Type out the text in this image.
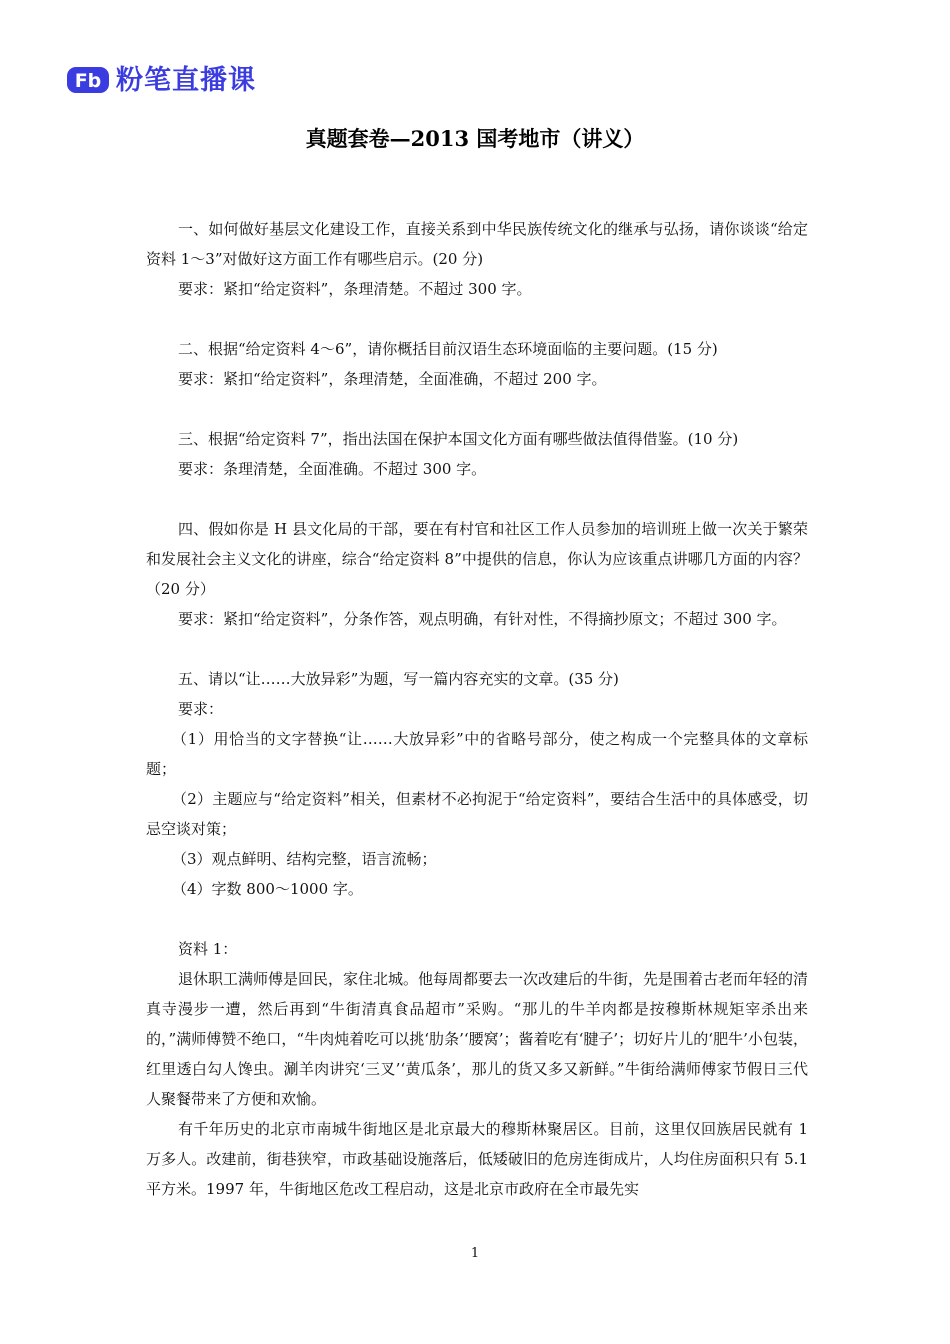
Fb 粉笔直播课
真题套卷—2013 国考地市（讲义）

一、如何做好基层文化建设工作，直接关系到中华民族传统文化的继承与弘扬，请你谈谈“给定资料 1～3”对做好这方面工作有哪些启示。(20 分)

要求：紧扣“给定资料”，条理清楚。不超过 300 字。

二、根据“给定资料 4～6”，请你概括目前汉语生态环境面临的主要问题。(15 分)

要求：紧扣“给定资料”，条理清楚，全面准确，不超过 200 字。

三、根据“给定资料 7”，指出法国在保护本国文化方面有哪些做法值得借鉴。(10 分)

要求：条理清楚，全面准确。不超过 300 字。

四、假如你是 H 县文化局的干部，要在有村官和社区工作人员参加的培训班上做一次关于繁荣和发展社会主义文化的讲座，综合“给定资料 8”中提供的信息，你认为应该重点讲哪几方面的内容？（20 分）

要求：紧扣“给定资料”，分条作答，观点明确，有针对性，不得摘抄原文；不超过 300 字。

五、请以“让……大放异彩”为题，写一篇内容充实的文章。(35 分)

要求：

（1）用恰当的文字替换“让……大放异彩”中的省略号部分，使之构成一个完整具体的文章标题；

（2）主题应与“给定资料”相关，但素材不必拘泥于“给定资料”，要结合生活中的具体感受，切忌空谈对策；

（3）观点鲜明、结构完整，语言流畅；

（4）字数 800～1000 字。

资料 1：

退休职工满师傅是回民，家住北城。他每周都要去一次改建后的牛街，先是围着古老而年轻的清真寺漫步一遭，然后再到“牛街清真食品超市”采购。“那儿的牛羊肉都是按穆斯林规矩宰杀出来的，”满师傅赞不绝口，“牛肉炖着吃可以挑‘肋条’‘腰窝’；酱着吃有‘腱子’；切好片儿的‘肥牛’小包装，红里透白勾人馋虫。涮羊肉讲究‘三叉’‘黄瓜条’，那儿的货又多又新鲜。”牛街给满师傅家节假日三代人聚餐带来了方便和欢愉。

有千年历史的北京市南城牛街地区是北京最大的穆斯林聚居区。目前，这里仅回族居民就有 1 万多人。改建前，街巷狭窄，市政基础设施落后，低矮破旧的危房连街成片，人均住房面积只有 5.1 平方米。1997 年，牛街地区危改工程启动，这是北京市政府在全市最先实

1
